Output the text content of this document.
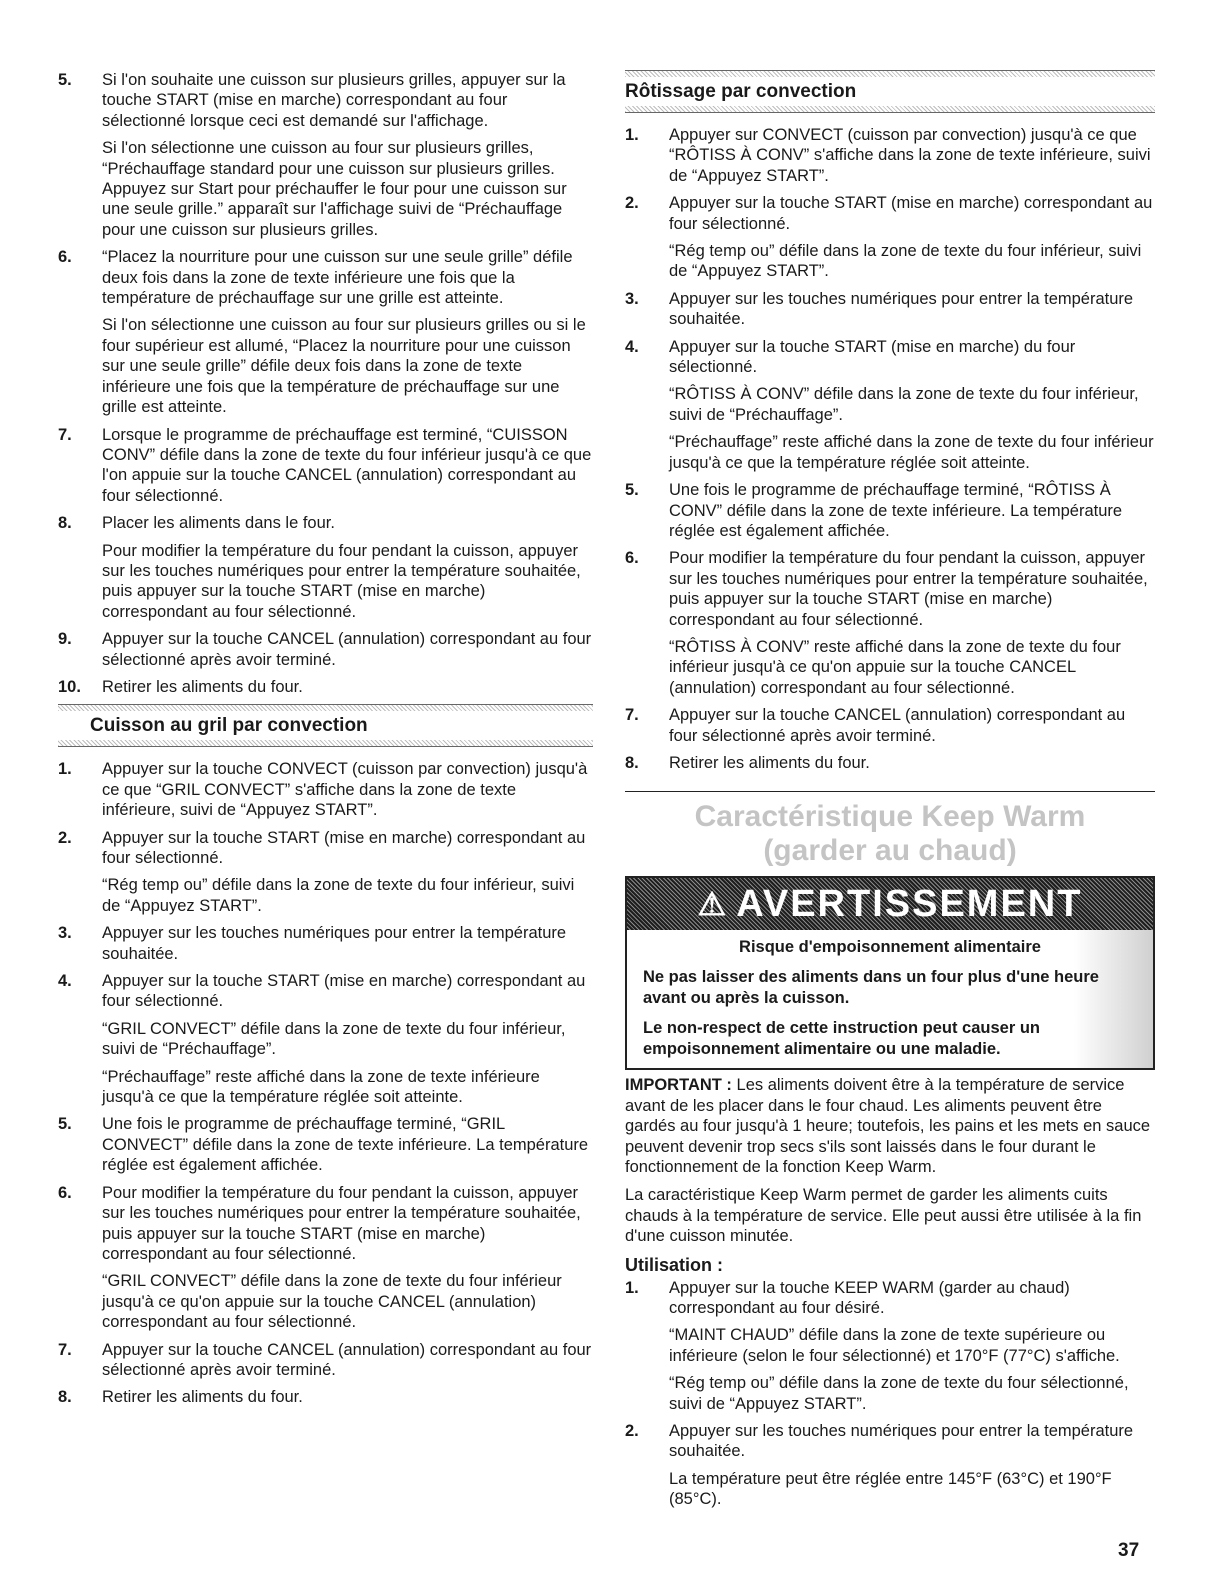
5. Si l'on souhaite une cuisson sur plusieurs grilles, appuyer sur la touche START (mise en marche) correspondant au four sélectionné lorsque ceci est demandé sur l'affichage.

Si l'on sélectionne une cuisson au four sur plusieurs grilles, “Préchauffage standard pour une cuisson sur plusieurs grilles. Appuyez sur Start pour préchauffer le four pour une cuisson sur une seule grille.” apparaît sur l'affichage suivi de “Préchauffage pour une cuisson sur plusieurs grilles.

6. “Placez la nourriture pour une cuisson sur une seule grille” défile deux fois dans la zone de texte inférieure une fois que la température de préchauffage sur une grille est atteinte.

Si l'on sélectionne une cuisson au four sur plusieurs grilles ou si le four supérieur est allumé, “Placez la nourriture pour une cuisson sur une seule grille” défile deux fois dans la zone de texte inférieure une fois que la température de préchauffage sur une grille est atteinte.

7. Lorsque le programme de préchauffage est terminé, “CUISSON CONV” défile dans la zone de texte du four inférieur jusqu'à ce que l'on appuie sur la touche CANCEL (annulation) correspondant au four sélectionné.

8. Placer les aliments dans le four.

Pour modifier la température du four pendant la cuisson, appuyer sur les touches numériques pour entrer la température souhaitée, puis appuyer sur la touche START (mise en marche) correspondant au four sélectionné.

9. Appuyer sur la touche CANCEL (annulation) correspondant au four sélectionné après avoir terminé.

10. Retirer les aliments du four.

Cuisson au gril par convection
1. Appuyer sur la touche CONVECT (cuisson par convection) jusqu'à ce que “GRIL CONVECT” s'affiche dans la zone de texte inférieure, suivi de “Appuyez START”.

2. Appuyer sur la touche START (mise en marche) correspondant au four sélectionné.

“Rég temp ou” défile dans la zone de texte du four inférieur, suivi de “Appuyez START”.

3. Appuyer sur les touches numériques pour entrer la température souhaitée.

4. Appuyer sur la touche START (mise en marche) correspondant au four sélectionné.

“GRIL CONVECT” défile dans la zone de texte du four inférieur, suivi de “Préchauffage”.

“Préchauffage” reste affiché dans la zone de texte inférieure jusqu'à ce que la température réglée soit atteinte.

5. Une fois le programme de préchauffage terminé, “GRIL CONVECT” défile dans la zone de texte inférieure. La température réglée est également affichée.

6. Pour modifier la température du four pendant la cuisson, appuyer sur les touches numériques pour entrer la température souhaitée, puis appuyer sur la touche START (mise en marche) correspondant au four sélectionné.

“GRIL CONVECT” défile dans la zone de texte du four inférieur jusqu'à ce qu'on appuie sur la touche CANCEL (annulation) correspondant au four sélectionné.

7. Appuyer sur la touche CANCEL (annulation) correspondant au four sélectionné après avoir terminé.

8. Retirer les aliments du four.

Rôtissage par convection
1. Appuyer sur CONVECT (cuisson par convection) jusqu'à ce que “RÔTISS À CONV” s'affiche dans la zone de texte inférieure, suivi de “Appuyez START”.

2. Appuyer sur la touche START (mise en marche) correspondant au four sélectionné.

“Rég temp ou” défile dans la zone de texte du four inférieur, suivi de “Appuyez START”.

3. Appuyer sur les touches numériques pour entrer la température souhaitée.

4. Appuyer sur la touche START (mise en marche) du four sélectionné.

“RÔTISS À CONV” défile dans la zone de texte du four inférieur, suivi de “Préchauffage”.

“Préchauffage” reste affiché dans la zone de texte du four inférieur jusqu'à ce que la température réglée soit atteinte.

5. Une fois le programme de préchauffage terminé, “RÔTISS À CONV” défile dans la zone de texte inférieure. La température réglée est également affichée.

6. Pour modifier la température du four pendant la cuisson, appuyer sur les touches numériques pour entrer la température souhaitée, puis appuyer sur la touche START (mise en marche) correspondant au four sélectionné.

“RÔTISS À CONV” reste affiché dans la zone de texte du four inférieur jusqu'à ce qu'on appuie sur la touche CANCEL (annulation) correspondant au four sélectionné.

7. Appuyer sur la touche CANCEL (annulation) correspondant au four sélectionné après avoir terminé.

8. Retirer les aliments du four.

Caractéristique Keep Warm
(garder au chaud)
⚠ AVERTISSEMENT

Risque d'empoisonnement alimentaire

Ne pas laisser des aliments dans un four plus d'une heure avant ou après la cuisson.

Le non-respect de cette instruction peut causer un empoisonnement alimentaire ou une maladie.

IMPORTANT : Les aliments doivent être à la température de service avant de les placer dans le four chaud. Les aliments peuvent être gardés au four jusqu'à 1 heure; toutefois, les pains et les mets en sauce peuvent devenir trop secs s'ils sont laissés dans le four durant le fonctionnement de la fonction Keep Warm.

La caractéristique Keep Warm permet de garder les aliments cuits chauds à la température de service. Elle peut aussi être utilisée à la fin d'une cuisson minutée.

Utilisation :
1. Appuyer sur la touche KEEP WARM (garder au chaud) correspondant au four désiré.

“MAINT CHAUD” défile dans la zone de texte supérieure ou inférieure (selon le four sélectionné) et 170°F (77°C) s'affiche.

“Rég temp ou” défile dans la zone de texte du four sélectionné, suivi de “Appuyez START”.

2. Appuyer sur les touches numériques pour entrer la température souhaitée.

La température peut être réglée entre 145°F (63°C) et 190°F (85°C).

37
